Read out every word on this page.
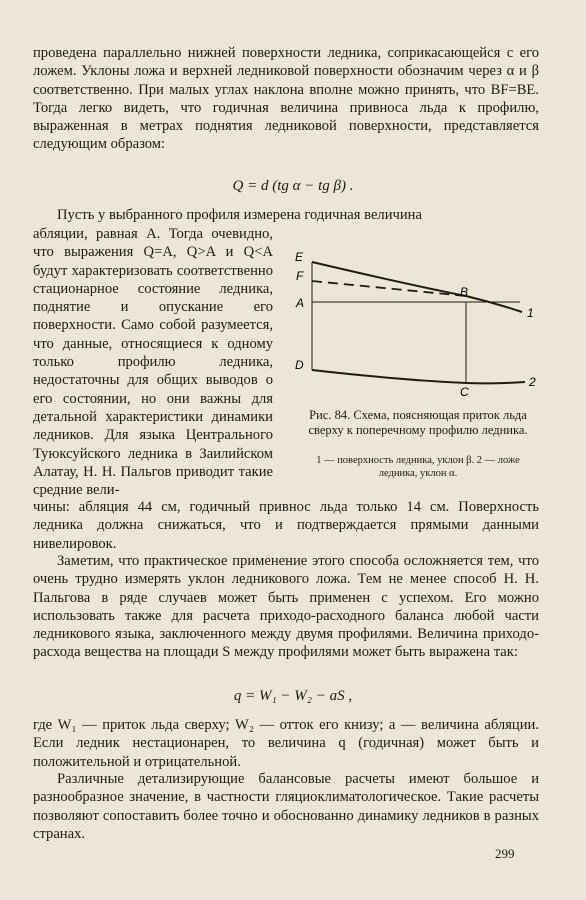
проведена параллельно нижней поверхности ледника, соприкасающейся с его ложем. Уклоны ложа и верхней ледниковой поверхности обозначим через α и β соответственно. При малых углах наклона вполне можно принять, что BF=BE. Тогда легко видеть, что годичная величина привноса льда к профилю, выраженная в метрах поднятия ледниковой поверхности, представляется следующим образом:

Q = d (tg α − tg β) .

Пусть у выбранного профиля измерена годичная величина

абляции, равная A. Тогда очевидно, что выражения Q=A, Q>A и Q<A будут характеризовать соответственно стационарное состояние ледника, поднятие и опускание его поверхности. Само собой разумеется, что данные, относящиеся к одному только профилю ледника, недостаточны для общих выводов о его состоянии, но они важны для детальной характеристики динамики ледников. Для языка Центрального Туюксуйского ледника в Заилийском Алатау, Н. Н. Пальгов приводит такие средние вели-

E
F
A
B
D
C
1
2
Рис. 84. Схема, поясняющая приток льда сверху к поперечному профилю ледника.
1 — поверхность ледника, уклон β. 2 — ложе ледника, уклон α.

чины: абляция 44 см, годичный привнос льда только 14 см. Поверхность ледника должна снижаться, что и подтверждается прямыми данными нивелировок.

Заметим, что практическое применение этого способа осложняется тем, что очень трудно измерять уклон ледникового ложа. Тем не менее способ Н. Н. Пальгова в ряде случаев может быть применен с успехом. Его можно использовать также для расчета приходо-расходного баланса любой части ледникового языка, заключенного между двумя профилями. Величина приходо-расхода вещества на площади S между профилями может быть выражена так:

q = W₁ − W₂ − aS ,

где W₁ — приток льда сверху; W₂ — отток его книзу; a — величина абляции. Если ледник нестационарен, то величина q (годичная) может быть и положительной и отрицательной.

Различные детализирующие балансовые расчеты имеют большое и разнообразное значение, в частности гляциоклиматологическое. Такие расчеты позволяют сопоставить более точно и обоснованно динамику ледников в разных странах.

299
